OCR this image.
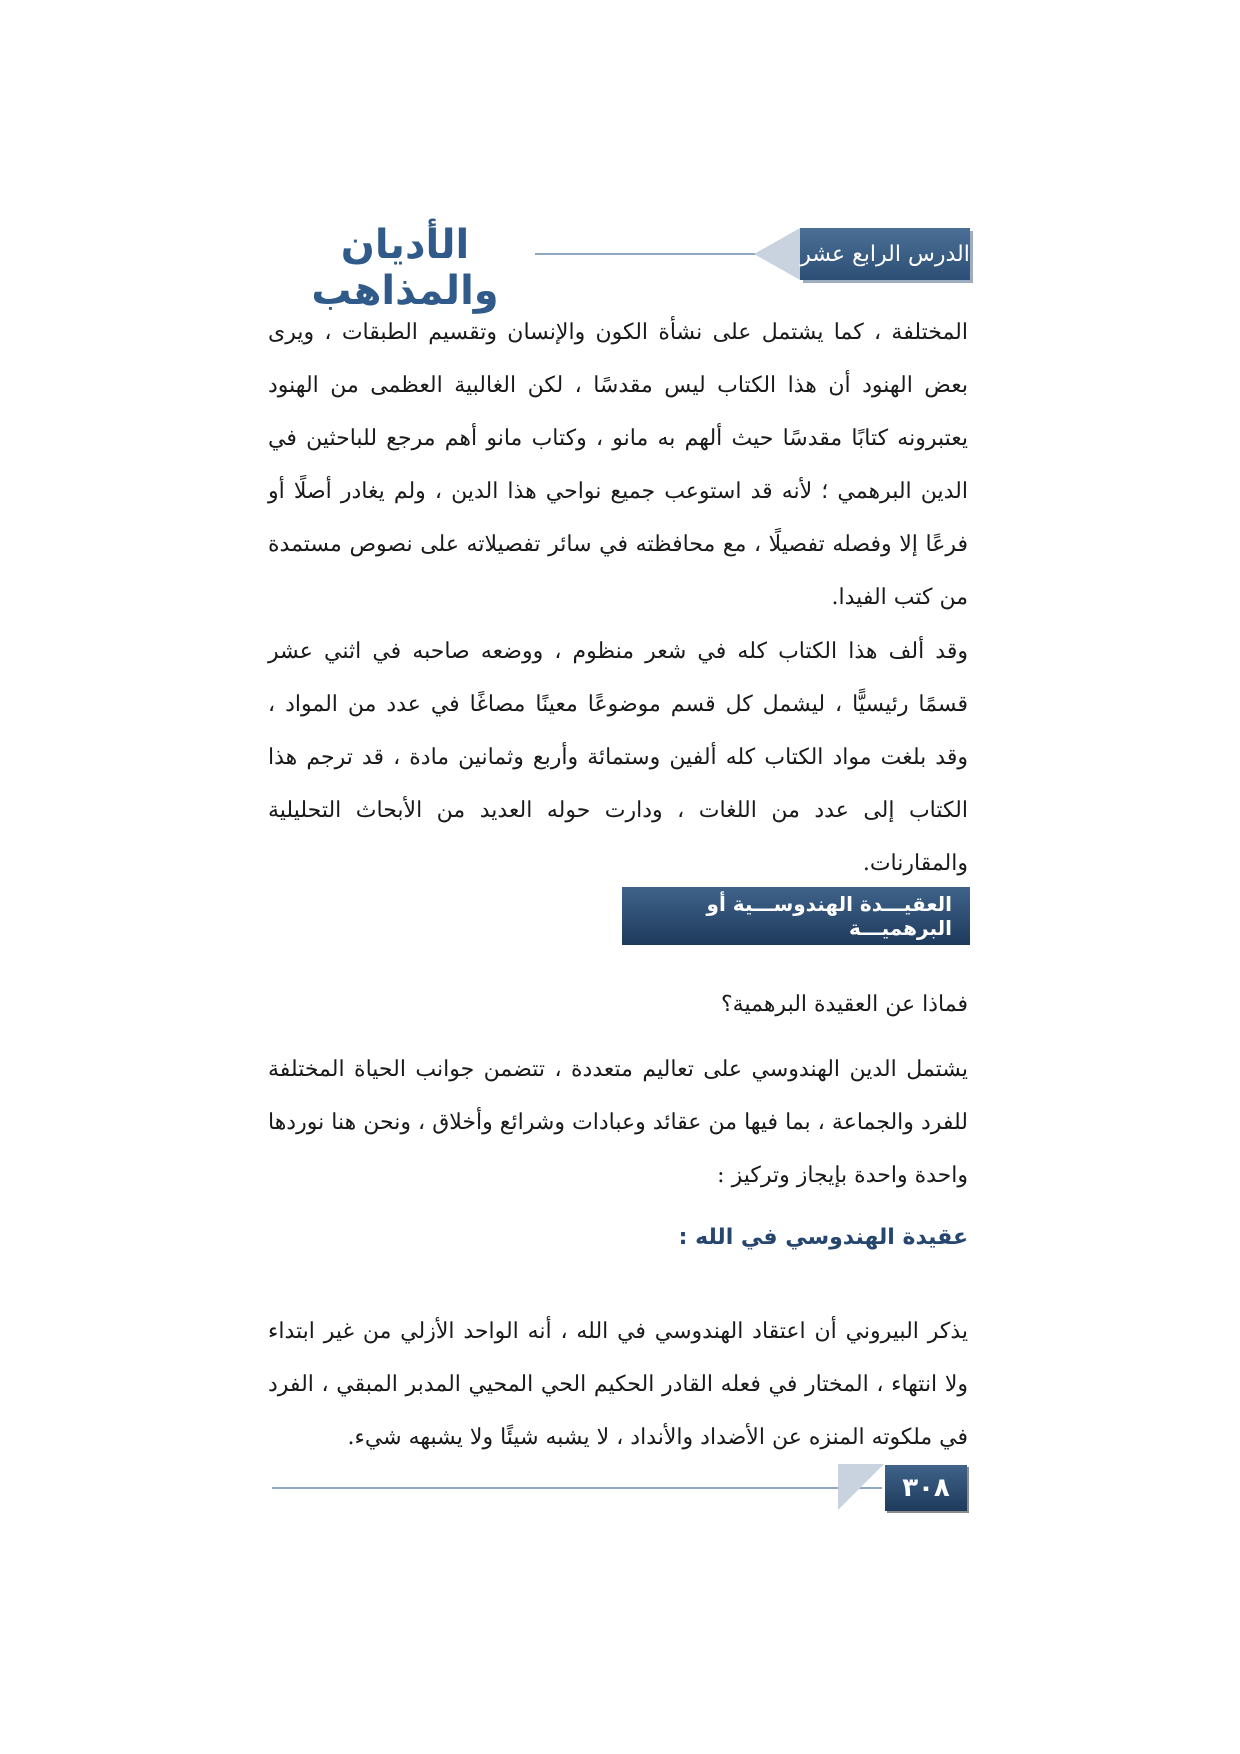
الأديان والمذاهب
الدرس الرابع عشر
المختلفة ، كما يشتمل على نشأة الكون والإنسان وتقسيم الطبقات ، ويرى بعض الهنود أن هذا الكتاب ليس مقدسًا ، لكن الغالبية العظمى من الهنود يعتبرونه كتابًا مقدسًا حيث ألهم به مانو ، وكتاب مانو أهم مرجع للباحثين في الدين البرهمي ؛ لأنه قد استوعب جميع نواحي هذا الدين ، ولم يغادر أصلًا أو فرعًا إلا وفصله تفصيلًا ، مع محافظته في سائر تفصيلاته على نصوص مستمدة من كتب الفيدا.
وقد ألف هذا الكتاب كله في شعر منظوم ، ووضعه صاحبه في اثني عشر قسمًا رئيسيًّا ، ليشمل كل قسم موضوعًا معينًا مصاغًا في عدد من المواد ، وقد بلغت مواد الكتاب كله ألفين وستمائة وأربع وثمانين مادة ، قد ترجم هذا الكتاب إلى عدد من اللغات ، ودارت حوله العديد من الأبحاث التحليلية والمقارنات.
العقيـــدة الهندوســـية أو البرهميـــة
فماذا عن العقيدة البرهمية؟
يشتمل الدين الهندوسي على تعاليم متعددة ، تتضمن جوانب الحياة المختلفة للفرد والجماعة ، بما فيها من عقائد وعبادات وشرائع وأخلاق ، ونحن هنا نوردها واحدة واحدة بإيجاز وتركيز :
عقيدة الهندوسي في الله :
يذكر البيروني أن اعتقاد الهندوسي في الله ، أنه الواحد الأزلي من غير ابتداء ولا انتهاء ، المختار في فعله القادر الحكيم الحي المحيي المدبر المبقي ، الفرد في ملكوته المنزه عن الأضداد والأنداد ، لا يشبه شيئًا ولا يشبهه شيء.
٣٠٨
